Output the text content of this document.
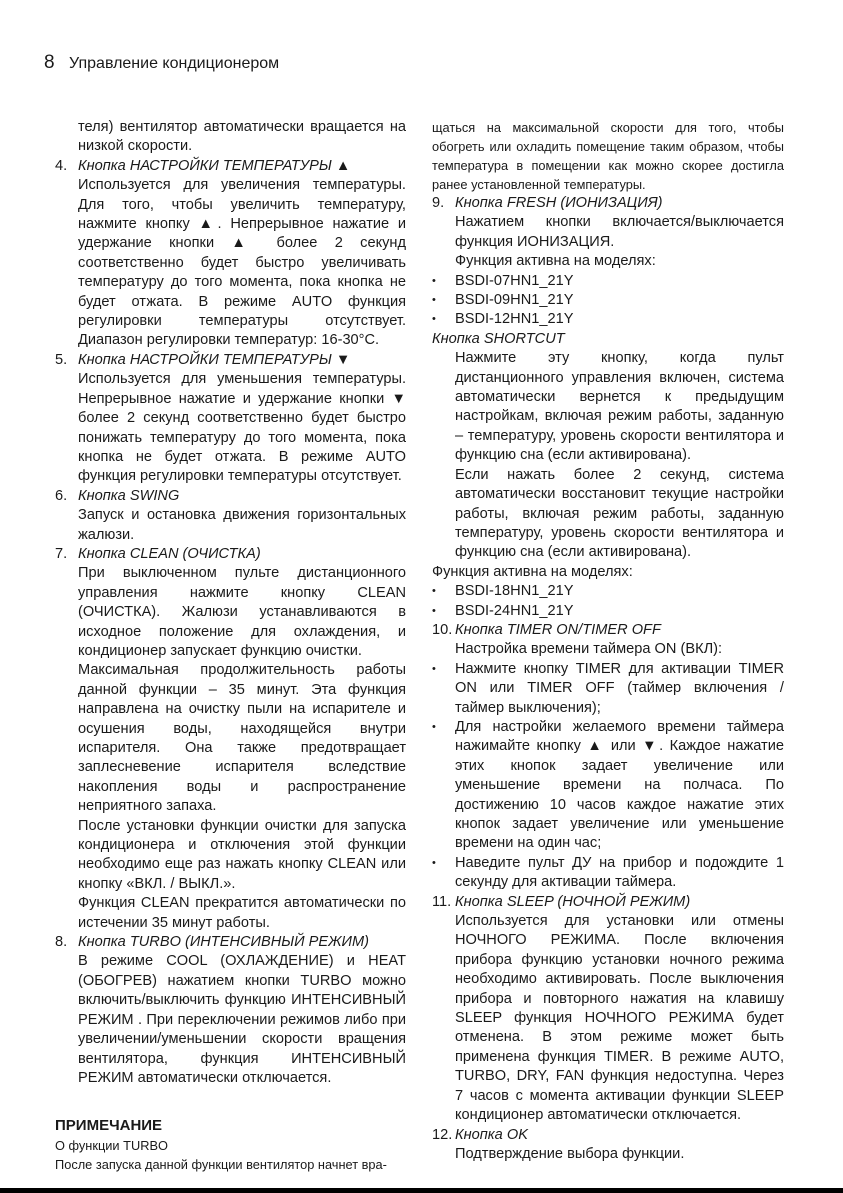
8 Управление кондиционером

теля) вентилятор автоматически вращается на низкой скорости.

4. Кнопка НАСТРОЙКИ ТЕМПЕРАТУРЫ ▲

Используется для увеличения температуры. Для того, чтобы увеличить температуру, нажмите кнопку ▲. Непрерывное нажатие и удержание кнопки ▲ более 2 секунд соответственно будет быстро увеличивать температуру до того момента, пока кнопка не будет отжата. В режиме AUTO функция регулировки температуры отсутствует. Диапазон регулировки температур: 16-30°C.

5. Кнопка НАСТРОЙКИ ТЕМПЕРАТУРЫ ▼

Используется для уменьшения температуры. Непрерывное нажатие и удержание кнопки ▼ более 2 секунд соответственно будет быстро понижать температуру до того момента, пока кнопка не будет отжата. В режиме AUTO функция регулировки температуры отсутствует.

6. Кнопка SWING

Запуск и остановка движения горизонтальных жалюзи.

7. Кнопка CLEAN (ОЧИСТКА)

При выключенном пульте дистанционного управления нажмите кнопку CLEAN (ОЧИСТКА). Жалюзи устанавливаются в исходное положение для охлаждения, и кондиционер запускает функцию очистки.

Максимальная продолжительность работы данной функции – 35 минут. Эта функция направлена на очистку пыли на испарителе и осушения воды, находящейся внутри испарителя. Она также предотвращает заплесневение испарителя вследствие накопления воды и распространение неприятного запаха.

После установки функции очистки для запуска кондиционера и отключения этой функции необходимо еще раз нажать кнопку CLEAN или кнопку «ВКЛ. / ВЫКЛ.».

Функция CLEAN прекратится автоматически по истечении 35 минут работы.

8. Кнопка TURBO (ИНТЕНСИВНЫЙ РЕЖИМ)

В режиме COOL (ОХЛАЖДЕНИЕ) и HEAT (ОБОГРЕВ) нажатием кнопки TURBO можно включить/выключить функцию ИНТЕНСИВНЫЙ РЕЖИМ . При переключении режимов либо при увеличении/уменьшении скорости вращения вентилятора, функция ИНТЕНСИВНЫЙ РЕЖИМ автоматически отключается.

ПРИМЕЧАНИЕ

О функции TURBO

После запуска данной функции вентилятор начнет вра-

щаться на максимальной скорости для того, чтобы обогреть или охладить помещение таким образом, чтобы температура в помещении как можно скорее достигла ранее установленной температуры.

9. Кнопка FRESH (ИОНИЗАЦИЯ)

Нажатием кнопки включается/выключается функция ИОНИЗАЦИЯ.

Функция активна на моделях:

• BSDI-07HN1_21Y

• BSDI-09HN1_21Y

• BSDI-12HN1_21Y

Кнопка SHORTCUT

Нажмите эту кнопку, когда пульт дистанционного управления включен, система автоматически вернется к предыдущим настройкам, включая режим работы, заданную – температуру, уровень скорости вентилятора и функцию сна (если активирована).

Если нажать более 2 секунд, система автоматически восстановит текущие настройки работы, включая режим работы, заданную температуру, уровень скорости вентилятора и функцию сна (если активирована).

Функция активна на моделях:

• BSDI-18HN1_21Y

• BSDI-24HN1_21Y

10. Кнопка TIMER ON/TIMER OFF

Настройка времени таймера ON (ВКЛ):

• Нажмите кнопку TIMER для активации TIMER ON или TIMER OFF (таймер включения / таймер выключения);

• Для настройки желаемого времени таймера нажимайте кнопку ▲ или ▼. Каждое нажатие этих кнопок задает увеличение или уменьшение времени на полчаса. По достижению 10 часов каждое нажатие этих кнопок задает увеличение или уменьшение времени на один час;

• Наведите пульт ДУ на прибор и подождите 1 секунду для активации таймера.

11. Кнопка SLEEP (НОЧНОЙ РЕЖИМ)

Используется для установки или отмены НОЧНОГО РЕЖИМА. После включения прибора функцию установки ночного режима необходимо активировать. После выключения прибора и повторного нажатия на клавишу SLEEP функция НОЧНОГО РЕЖИМА будет отменена. В этом режиме может быть применена функция TIMER. В режиме AUTO, TURBO, DRY, FAN функция недоступна. Через 7 часов с момента активации функции SLEEP кондиционер автоматически отключается.

12. Кнопка OK

Подтверждение выбора функции.
